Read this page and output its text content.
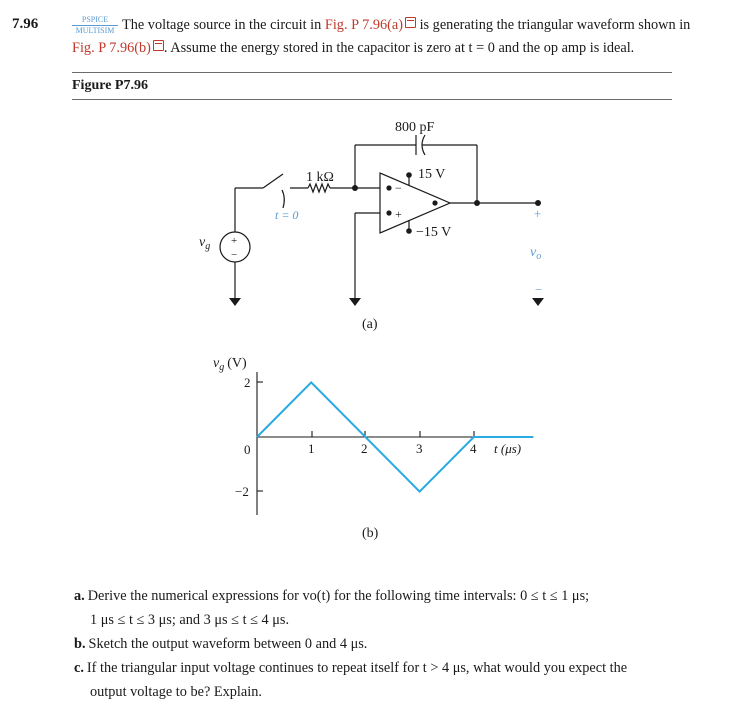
7.96	PSPICE
MULTISIM The voltage source in the circuit in Fig. P 7.96(a) is generating the triangular waveform shown in
Fig. P 7.96(b) . Assume the energy stored in the capacitor is zero at t = 0 and the op amp is ideal.
Figure P7.96
800 pF
1 kΩ
t = 0
15 V
−15 V
−
+
+
−
$v_g$
+
$v_o$
−
(a)
$v_g$ (V)
2
0
−2
1	2	3	4 t (μs)
(b)

a. Derive the numerical expressions for vo(t) for the following time intervals: 0 ≤ t ≤ 1 μs;

1 μs ≤ t ≤ 3 μs; and 3 μs ≤ t ≤ 4 μs.

b. Sketch the output waveform between 0 and 4 μs.

c. If the triangular input voltage continues to repeat itself for t > 4 μs, what would you expect the

output voltage to be? Explain.
